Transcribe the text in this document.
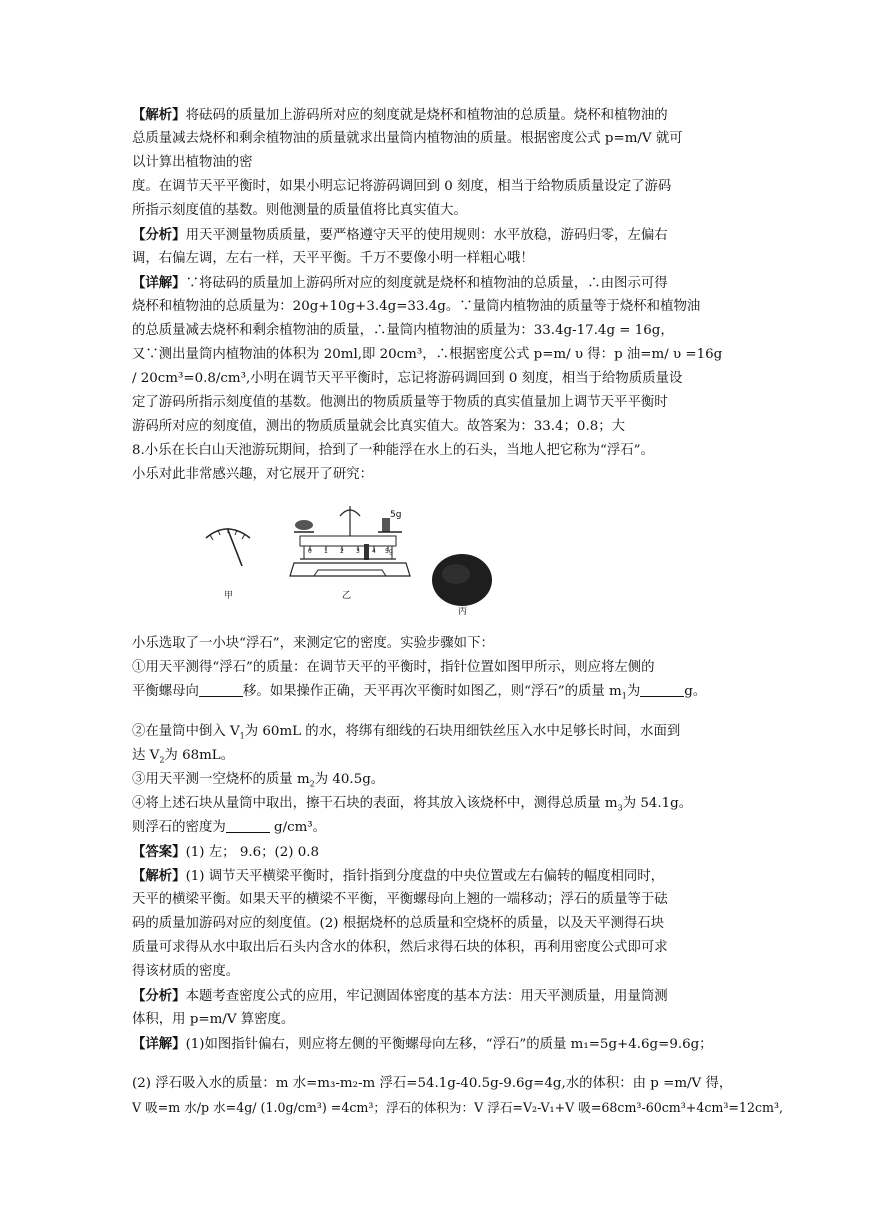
【解析】将砝码的质量加上游码所对应的刻度就是烧杯和植物油的总质量。烧杯和植物油的

总质量减去烧杯和剩余植物油的质量就求出量筒内植物油的质量。根据密度公式 p=m/V 就可

以计算出植物油的密

度。在调节天平平衡时，如果小明忘记将游码调回到 0 刻度，相当于给物质质量设定了游码

所指示刻度值的基数。则他测量的质量值将比真实值大。

【分析】用天平测量物质质量，要严格遵守天平的使用规则：水平放稳，游码归零，左偏右

调，右偏左调，左右一样，天平平衡。千万不要像小明一样粗心哦！

【详解】∵将砝码的质量加上游码所对应的刻度就是烧杯和植物油的总质量，∴由图示可得

烧杯和植物油的总质量为：20g+10g+3.4g=33.4g。∵量筒内植物油的质量等于烧杯和植物油

的总质量减去烧杯和剩余植物油的质量，∴量筒内植物油的质量为：33.4g-17.4g = 16g，

又∵测出量筒内植物油的体积为 20ml,即 20cm³，∴根据密度公式 p=m/ υ 得：p 油=m/ υ =16g

/ 20cm³=0.8/cm³,小明在调节天平平衡时，忘记将游码调回到 0 刻度，相当于给物质质量设

定了游码所指示刻度值的基数。他测出的物质质量等于物质的真实值量加上调节天平平衡时

游码所对应的刻度值，测出的物质质量就会比真实值大。故答案为：33.4；0.8；大

8.小乐在长白山天池游玩期间，拾到了一种能浮在水上的石头，当地人把它称为“浮石”。

小乐对此非常感兴趣，对它展开了研究：

5g
0 1 2 3 4 5g
甲	乙
丙

小乐选取了一小块“浮石”，来测定它的密度。实验步骤如下：

①用天平测得“浮石”的质量：在调节天平的平衡时，指针位置如图甲所示，则应将左侧的

平衡螺母向	移。如果操作正确，天平再次平衡时如图乙，则“浮石”的质量 $m_1$为	g。

②在量筒中倒入 $V_1$为 60mL 的水，将绑有细线的石块用细铁丝压入水中足够长时间，水面到

达 $V_2$为 68mL。

③用天平测一空烧杯的质量 $m_2$为 40.5g。

④将上述石块从量筒中取出，擦干石块的表面，将其放入该烧杯中，测得总质量 $m_3$为 54.1g。

则浮石的密度为	g/cm³。

【答案】(1) 左； 9.6；(2) 0.8

【解析】(1) 调节天平横梁平衡时，指针指到分度盘的中央位置或左右偏转的幅度相同时，

天平的横梁平衡。如果天平的横梁不平衡，平衡螺母向上翘的一端移动；浮石的质量等于砝

码的质量加游码对应的刻度值。(2) 根据烧杯的总质量和空烧杯的质量，以及天平测得石块

质量可求得从水中取出后石头内含水的体积，然后求得石块的体积，再利用密度公式即可求

得该材质的密度。

【分析】本题考查密度公式的应用，牢记测固体密度的基本方法：用天平测质量，用量筒测

体积，用 p=m/V 算密度。

【详解】(1)如图指针偏右，则应将左侧的平衡螺母向左移，“浮石”的质量 m₁=5g+4.6g=9.6g；

(2) 浮石吸入水的质量：m 水=m₃-m₂-m 浮石=54.1g-40.5g-9.6g=4g,水的体积：由 p =m/V 得，

V 吸=m 水/p 水=4g/ (1.0g/cm³) =4cm³；浮石的体积为：V 浮石=V₂-V₁+V 吸=68cm³-60cm³+4cm³=12cm³,
